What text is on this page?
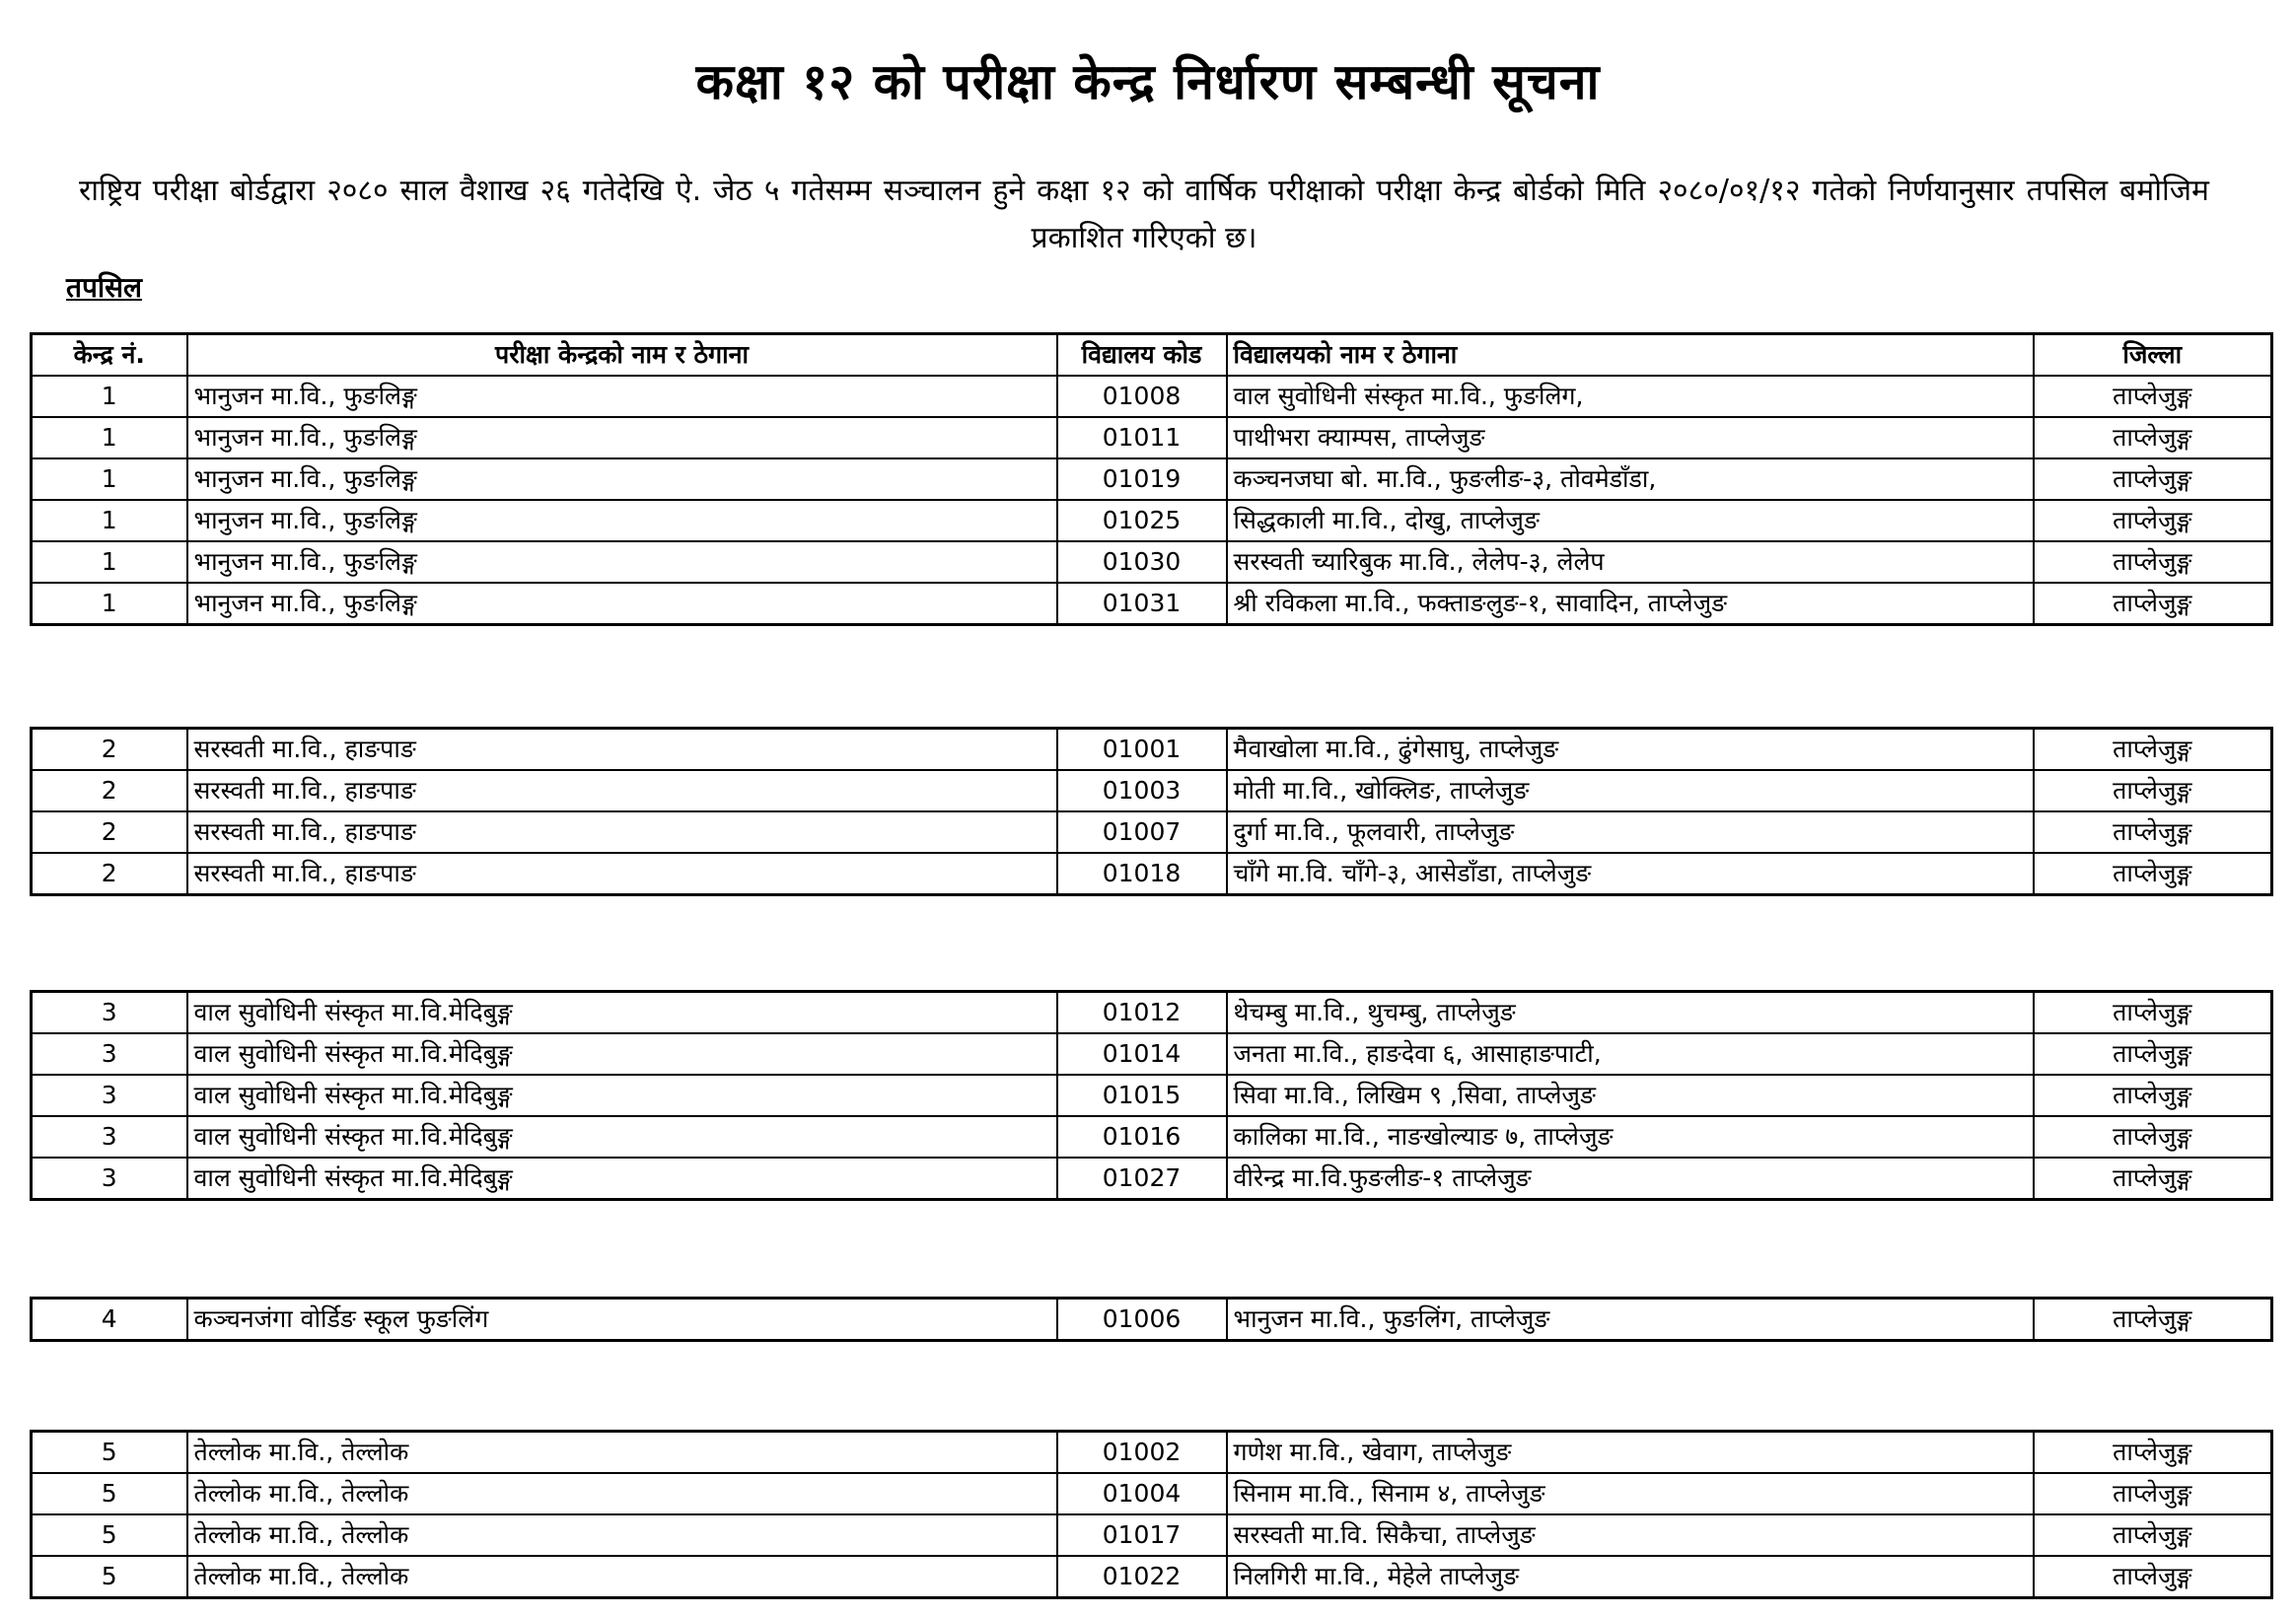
कक्षा १२ को परीक्षा केन्द्र निर्धारण सम्बन्धी सूचना
राष्ट्रिय परीक्षा बोर्डद्वारा २०८० साल वैशाख २६ गतेदेखि ऐ. जेठ ५ गतेसम्म सञ्चालन हुने कक्षा १२ को वार्षिक परीक्षाको परीक्षा केन्द्र बोर्डको मिति २०८०/०१/१२ गतेको निर्णयानुसार तपसिल बमोजिम प्रकाशित गरिएको छ।
तपसिल
केन्द्र नं.	परीक्षा केन्द्रको नाम र ठेगाना	विद्यालय कोड	विद्यालयको नाम र ठेगाना	जिल्ला
1	भानुजन मा.वि., फुङलिङ्ग	01008	वाल सुवोधिनी संस्कृत मा.वि., फुङलिग,	ताप्लेजुङ्ग
1	भानुजन मा.वि., फुङलिङ्ग	01011	पाथीभरा क्याम्पस, ताप्लेजुङ	ताप्लेजुङ्ग
1	भानुजन मा.वि., फुङलिङ्ग	01019	कञ्चनजघा बो. मा.वि., फुङलीङ-३, तोवमेडाँडा,	ताप्लेजुङ्ग
1	भानुजन मा.वि., फुङलिङ्ग	01025	सिद्धकाली मा.वि., दोखु, ताप्लेजुङ	ताप्लेजुङ्ग
1	भानुजन मा.वि., फुङलिङ्ग	01030	सरस्वती च्यारिबुक मा.वि., लेलेप-३, लेलेप	ताप्लेजुङ्ग
1	भानुजन मा.वि., फुङलिङ्ग	01031	श्री रविकला मा.वि., फक्ताङलुङ-१, सावादिन, ताप्लेजुङ	ताप्लेजुङ्ग
2	सरस्वती मा.वि., हाङपाङ	01001	मैवाखोला मा.वि., ढुंगेसाघु, ताप्लेजुङ	ताप्लेजुङ्ग
2	सरस्वती मा.वि., हाङपाङ	01003	मोती मा.वि., खोक्लिङ, ताप्लेजुङ	ताप्लेजुङ्ग
2	सरस्वती मा.वि., हाङपाङ	01007	दुर्गा मा.वि., फूलवारी, ताप्लेजुङ	ताप्लेजुङ्ग
2	सरस्वती मा.वि., हाङपाङ	01018	चाँगे मा.वि. चाँगे-३, आसेडाँडा, ताप्लेजुङ	ताप्लेजुङ्ग
3	वाल सुवोधिनी संस्कृत मा.वि.मेदिबुङ्ग	01012	थेचम्बु मा.वि., थुचम्बु, ताप्लेजुङ	ताप्लेजुङ्ग
3	वाल सुवोधिनी संस्कृत मा.वि.मेदिबुङ्ग	01014	जनता मा.वि., हाङदेवा ६, आसाहाङपाटी,	ताप्लेजुङ्ग
3	वाल सुवोधिनी संस्कृत मा.वि.मेदिबुङ्ग	01015	सिवा मा.वि., लिखिम ९ ,सिवा, ताप्लेजुङ	ताप्लेजुङ्ग
3	वाल सुवोधिनी संस्कृत मा.वि.मेदिबुङ्ग	01016	कालिका मा.वि., नाङखोल्याङ ७, ताप्लेजुङ	ताप्लेजुङ्ग
3	वाल सुवोधिनी संस्कृत मा.वि.मेदिबुङ्ग	01027	वीरेन्द्र मा.वि.फुङलीङ-१ ताप्लेजुङ	ताप्लेजुङ्ग
4	कञ्चनजंगा वोर्डिङ स्कूल फुङलिंग	01006	भानुजन मा.वि., फुङलिंग, ताप्लेजुङ	ताप्लेजुङ्ग
5	तेल्लोक मा.वि., तेल्लोक	01002	गणेश मा.वि., खेवाग, ताप्लेजुङ	ताप्लेजुङ्ग
5	तेल्लोक मा.वि., तेल्लोक	01004	सिनाम मा.वि., सिनाम ४, ताप्लेजुङ	ताप्लेजुङ्ग
5	तेल्लोक मा.वि., तेल्लोक	01017	सरस्वती मा.वि. सिकैचा, ताप्लेजुङ	ताप्लेजुङ्ग
5	तेल्लोक मा.वि., तेल्लोक	01022	निलगिरी मा.वि., मेहेले ताप्लेजुङ	ताप्लेजुङ्ग
